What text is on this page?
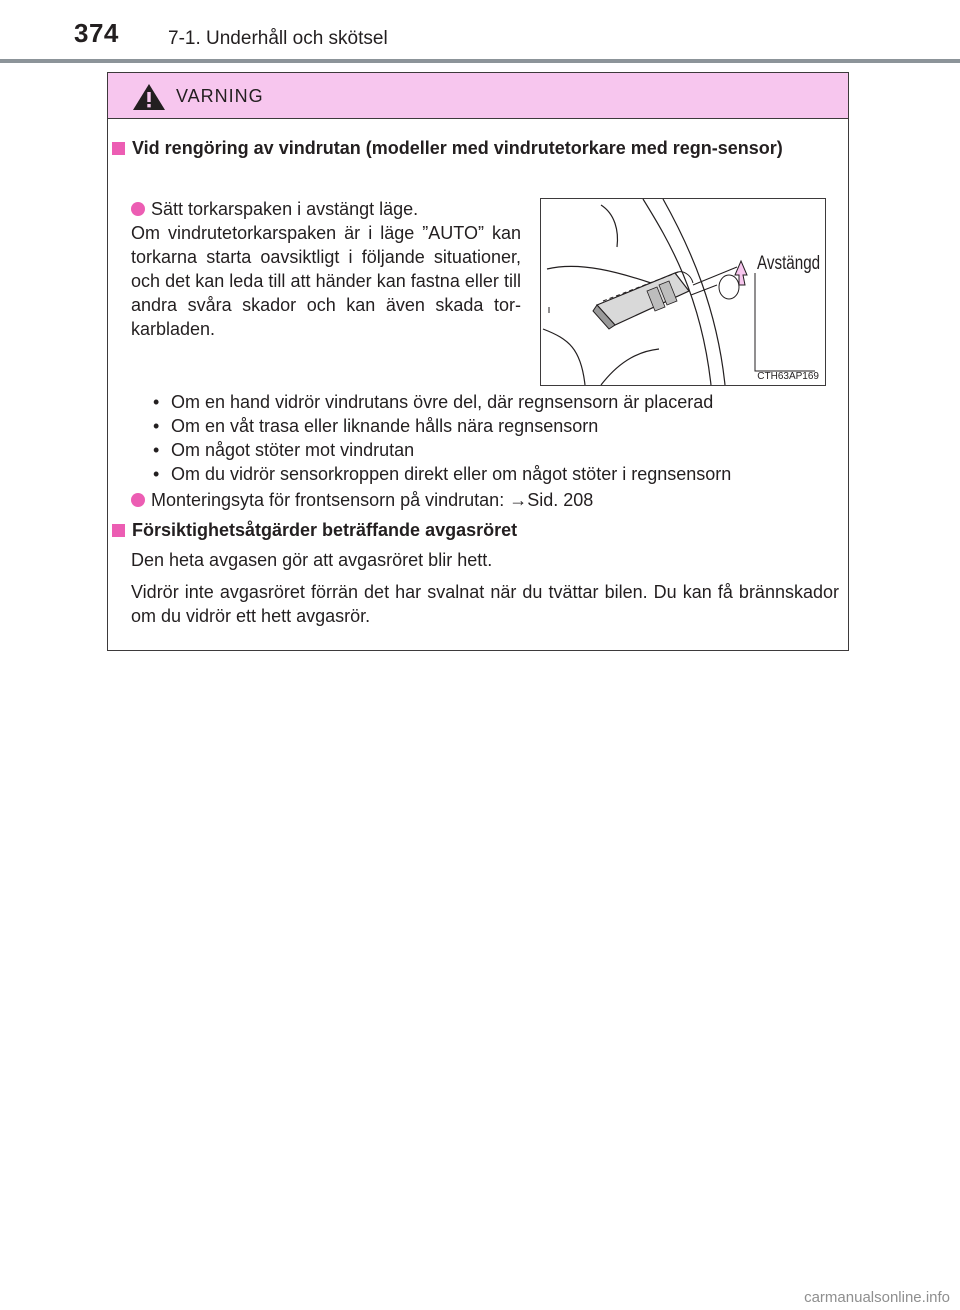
374	7-1. Underhåll och skötsel
VARNING
Vid rengöring av vindrutan (modeller med vindrutetorkare med regn-sensor)
Sätt torkarspaken i avstängt läge.
Om vindrutetorkarspaken är i läge ”AUTO” kan torkarna starta oavsiktligt i följande situationer, och det kan leda till att händer kan fastna eller till andra svåra skador och kan även skada tor-karbladen.
Avstängd
CTH63AP169
• Om en hand vidrör vindrutans övre del, där regnsensorn är placerad
• Om en våt trasa eller liknande hålls nära regnsensorn
• Om något stöter mot vindrutan
• Om du vidrör sensorkroppen direkt eller om något stöter i regnsensorn
Monteringsyta för frontsensorn på vindrutan: →Sid. 208
Försiktighetsåtgärder beträffande avgasröret
Den heta avgasen gör att avgasröret blir hett.
Vidrör inte avgasröret förrän det har svalnat när du tvättar bilen. Du kan få brännskador om du vidrör ett hett avgasrör.
carmanualsonline.info
